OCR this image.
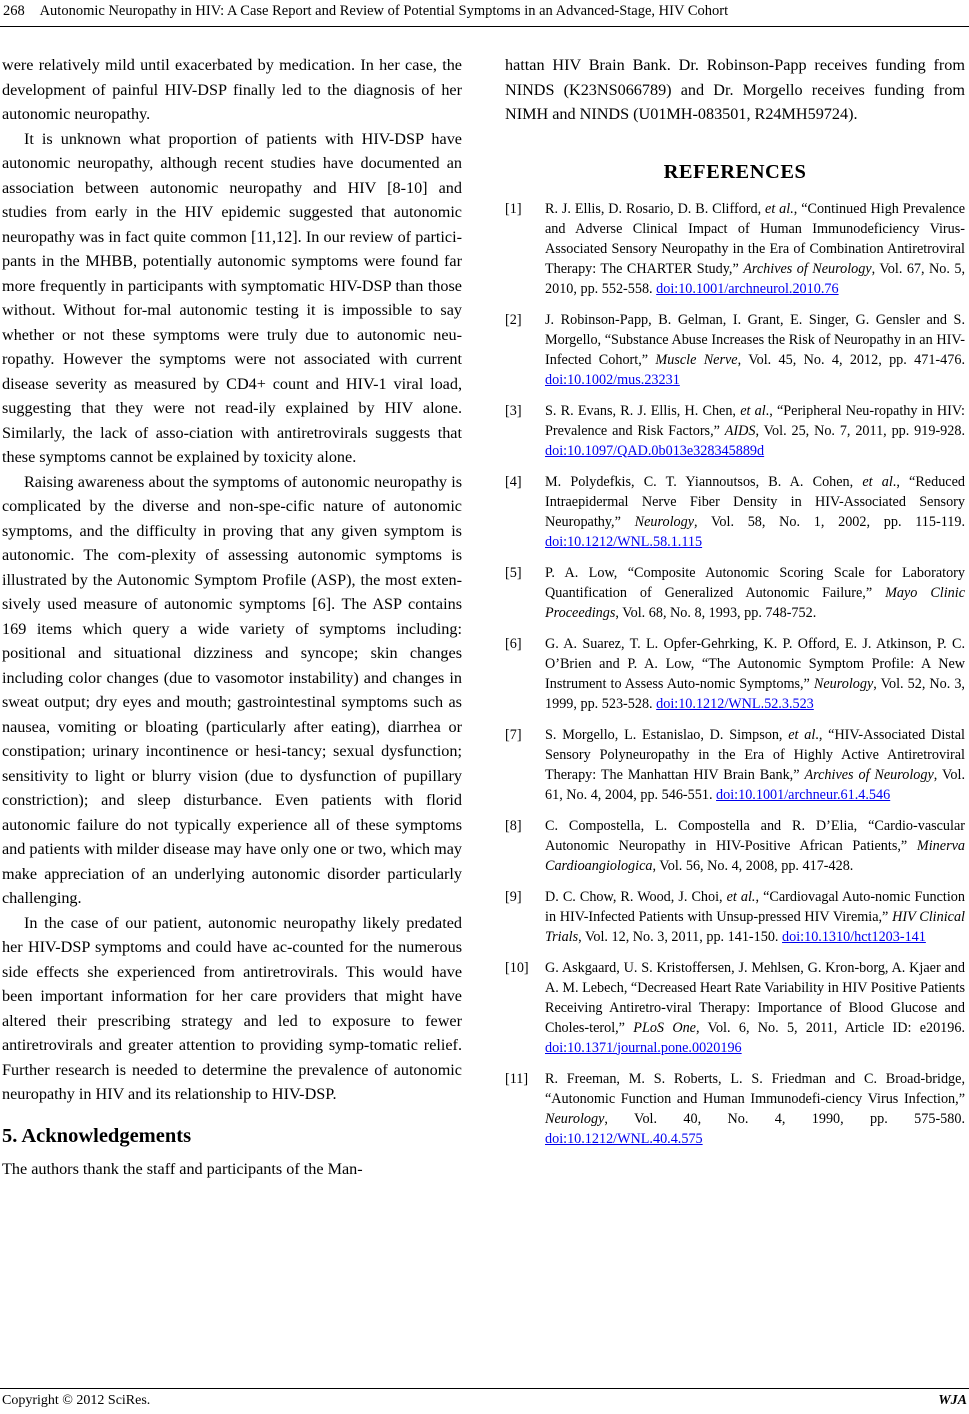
268 Autonomic Neuropathy in HIV: A Case Report and Review of Potential Symptoms in an Advanced-Stage, HIV Cohort

were relatively mild until exacerbated by medication. In her case, the development of painful HIV-DSP finally led to the diagnosis of her autonomic neuropathy.

It is unknown what proportion of patients with HIV-DSP have autonomic neuropathy, although recent studies have documented an association between autonomic neuropathy and HIV [8-10] and studies from early in the HIV epidemic suggested that autonomic neuropathy was in fact quite common [11,12]. In our review of partici-pants in the MHBB, potentially autonomic symptoms were found far more frequently in participants with symptomatic HIV-DSP than those without. Without for-mal autonomic testing it is impossible to say whether or not these symptoms were truly due to autonomic neu-ropathy. However the symptoms were not associated with current disease severity as measured by CD4+ count and HIV-1 viral load, suggesting that they were not read-ily explained by HIV alone. Similarly, the lack of asso-ciation with antiretrovirals suggests that these symptoms cannot be explained by toxicity alone.

Raising awareness about the symptoms of autonomic neuropathy is complicated by the diverse and non-spe-cific nature of autonomic symptoms, and the difficulty in proving that any given symptom is autonomic. The com-plexity of assessing autonomic symptoms is illustrated by the Autonomic Symptom Profile (ASP), the most exten-sively used measure of autonomic symptoms [6]. The ASP contains 169 items which query a wide variety of symptoms including: positional and situational dizziness and syncope; skin changes including color changes (due to vasomotor instability) and changes in sweat output; dry eyes and mouth; gastrointestinal symptoms such as nausea, vomiting or bloating (particularly after eating), diarrhea or constipation; urinary incontinence or hesi-tancy; sexual dysfunction; sensitivity to light or blurry vision (due to dysfunction of pupillary constriction); and sleep disturbance. Even patients with florid autonomic failure do not typically experience all of these symptoms and patients with milder disease may have only one or two, which may make appreciation of an underlying autonomic disorder particularly challenging.

In the case of our patient, autonomic neuropathy likely predated her HIV-DSP symptoms and could have ac-counted for the numerous side effects she experienced from antiretrovirals. This would have been important information for her care providers that might have altered their prescribing strategy and led to exposure to fewer antiretrovirals and greater attention to providing symp-tomatic relief. Further research is needed to determine the prevalence of autonomic neuropathy in HIV and its relationship to HIV-DSP.

5. Acknowledgements

The authors thank the staff and participants of the Man-

hattan HIV Brain Bank. Dr. Robinson-Papp receives funding from NINDS (K23NS066789) and Dr. Morgello receives funding from NIMH and NINDS (U01MH-083501, R24MH59724).

REFERENCES
[1] R. J. Ellis, D. Rosario, D. B. Clifford, et al., “Continued High Prevalence and Adverse Clinical Impact of Human Immunodeficiency Virus-Associated Sensory Neuropathy in the Era of Combination Antiretroviral Therapy: The CHARTER Study,” Archives of Neurology, Vol. 67, No. 5, 2010, pp. 552-558. doi:10.1001/archneurol.2010.76
[2] J. Robinson-Papp, B. Gelman, I. Grant, E. Singer, G. Gensler and S. Morgello, “Substance Abuse Increases the Risk of Neuropathy in an HIV-Infected Cohort,” Muscle Nerve, Vol. 45, No. 4, 2012, pp. 471-476. doi:10.1002/mus.23231
[3] S. R. Evans, R. J. Ellis, H. Chen, et al., “Peripheral Neu-ropathy in HIV: Prevalence and Risk Factors,” AIDS, Vol. 25, No. 7, 2011, pp. 919-928. doi:10.1097/QAD.0b013e328345889d
[4] M. Polydefkis, C. T. Yiannoutsos, B. A. Cohen, et al., “Reduced Intraepidermal Nerve Fiber Density in HIV-Associated Sensory Neuropathy,” Neurology, Vol. 58, No. 1, 2002, pp. 115-119. doi:10.1212/WNL.58.1.115
[5] P. A. Low, “Composite Autonomic Scoring Scale for Laboratory Quantification of Generalized Autonomic Failure,” Mayo Clinic Proceedings, Vol. 68, No. 8, 1993, pp. 748-752.
[6] G. A. Suarez, T. L. Opfer-Gehrking, K. P. Offord, E. J. Atkinson, P. C. O’Brien and P. A. Low, “The Autonomic Symptom Profile: A New Instrument to Assess Auto-nomic Symptoms,” Neurology, Vol. 52, No. 3, 1999, pp. 523-528. doi:10.1212/WNL.52.3.523
[7] S. Morgello, L. Estanislao, D. Simpson, et al., “HIV-Associated Distal Sensory Polyneuropathy in the Era of Highly Active Antiretroviral Therapy: The Manhattan HIV Brain Bank,” Archives of Neurology, Vol. 61, No. 4, 2004, pp. 546-551. doi:10.1001/archneur.61.4.546
[8] C. Compostella, L. Compostella and R. D’Elia, “Cardio-vascular Autonomic Neuropathy in HIV-Positive African Patients,” Minerva Cardioangiologica, Vol. 56, No. 4, 2008, pp. 417-428.
[9] D. C. Chow, R. Wood, J. Choi, et al., “Cardiovagal Auto-nomic Function in HIV-Infected Patients with Unsup-pressed HIV Viremia,” HIV Clinical Trials, Vol. 12, No. 3, 2011, pp. 141-150. doi:10.1310/hct1203-141
[10] G. Askgaard, U. S. Kristoffersen, J. Mehlsen, G. Kron-borg, A. Kjaer and A. M. Lebech, “Decreased Heart Rate Variability in HIV Positive Patients Receiving Antiretro-viral Therapy: Importance of Blood Glucose and Choles-terol,” PLoS One, Vol. 6, No. 5, 2011, Article ID: e20196. doi:10.1371/journal.pone.0020196
[11] R. Freeman, M. S. Roberts, L. S. Friedman and C. Broad-bridge, “Autonomic Function and Human Immunodefi-ciency Virus Infection,” Neurology, Vol. 40, No. 4, 1990, pp. 575-580. doi:10.1212/WNL.40.4.575
Copyright © 2012 SciRes.	WJA
